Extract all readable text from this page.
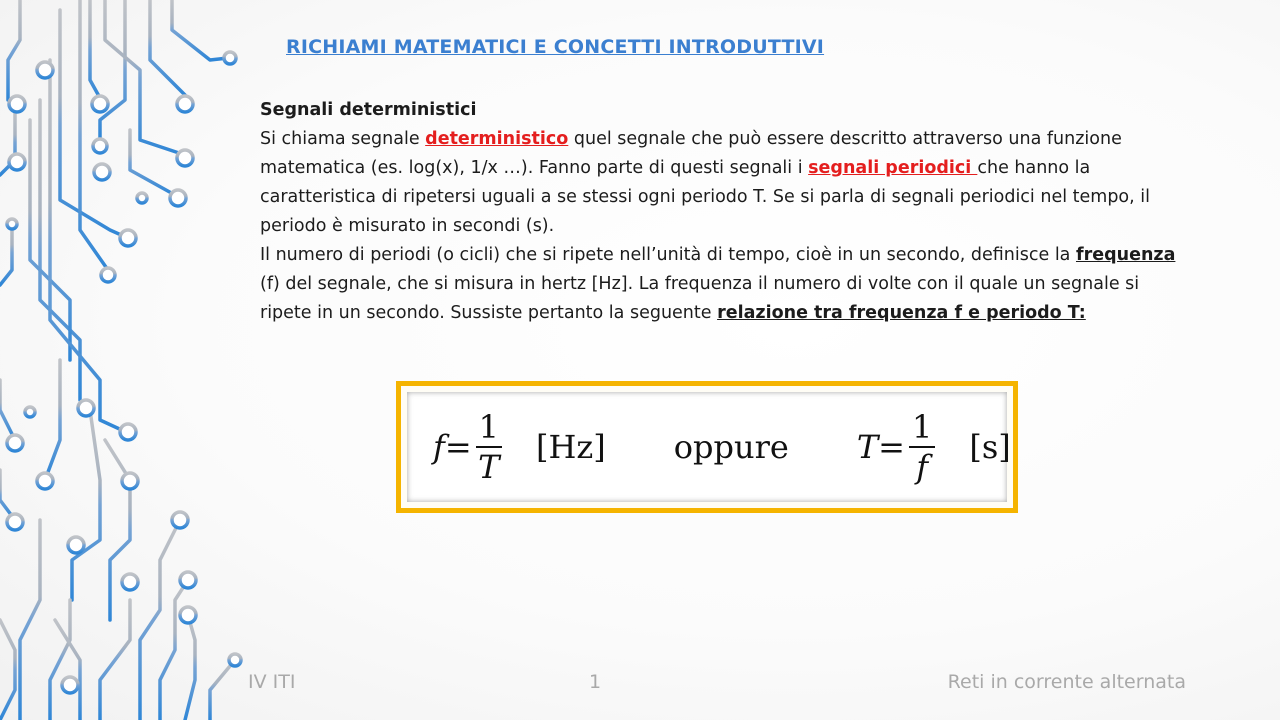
RICHIAMI MATEMATICI E CONCETTI INTRODUTTIVI

Segnali deterministici

Si chiama segnale deterministico quel segnale che può essere descritto attraverso una funzione matematica (es. log(x), 1/x …). Fanno parte di questi segnali i segnali periodici che hanno la caratteristica di ripetersi uguali a se stessi ogni periodo T. Se si parla di segnali periodici nel tempo, il periodo è misurato in secondi (s).

Il numero di periodi (o cicli) che si ripete nell’unità di tempo, cioè in un secondo, definisce la frequenza (f) del segnale, che si misura in hertz [Hz]. La frequenza il numero di volte con il quale un segnale si ripete in un secondo. Sussiste pertanto la seguente relazione tra frequenza f e periodo T:

$f = \frac{1}{T} [Hz]$ oppure $T = \frac{1}{f} [s]$
IV ITI	1	Reti in corrente alternata
